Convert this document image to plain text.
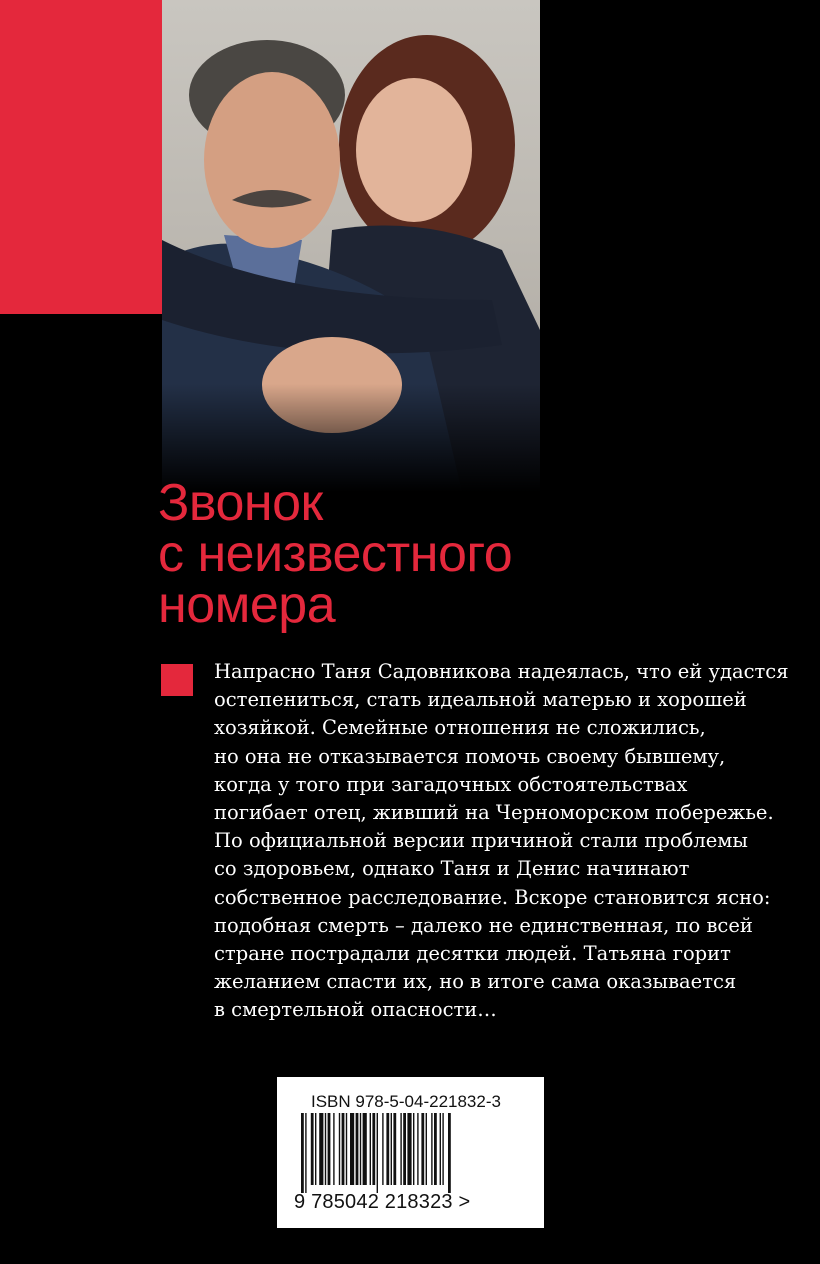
Звонок
с неизвестного
номера
Напрасно Таня Садовникова надеялась, что ей удастся
остепениться, стать идеальной матерью и хорошей
хозяйкой. Семейные отношения не сложились,
но она не отказывается помочь своему бывшему,
когда у того при загадочных обстоятельствах
погибает отец, живший на Черноморском побережье.
По официальной версии причиной стали проблемы
со здоровьем, однако Таня и Денис начинают
собственное расследование. Вскоре становится ясно:
подобная смерть – далеко не единственная, по всей
стране пострадали десятки людей. Татьяна горит
желанием спасти их, но в итоге сама оказывается
в смертельной опасности…
ISBN 978-5-04-221832-3
9 785042 218323 >
